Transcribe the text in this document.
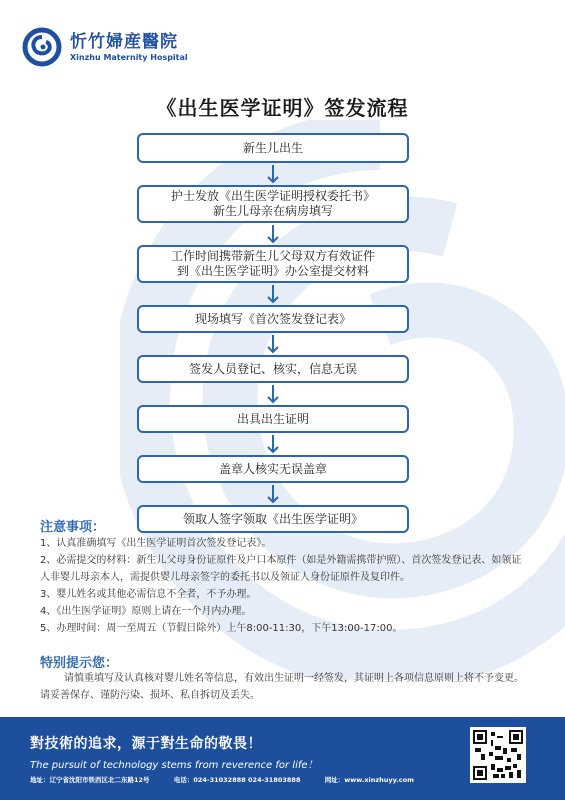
忻竹婦産醫院
Xinzhu Maternity Hospital
《出生医学证明》签发流程
新生儿出生
护士发放《出生医学证明授权委托书》
新生儿母亲在病房填写
工作时间携带新生儿父母双方有效证件
到《出生医学证明》办公室提交材料
现场填写《首次签发登记表》
签发人员登记、核实，信息无误
出具出生证明
盖章人核实无误盖章
领取人签字领取《出生医学证明》
注意事项：

1、认真准确填写《出生医学证明首次签发登记表》。

2、必需提交的材料：新生儿父母身份证原件及户口本原件（如是外籍需携带护照）、首次签发登记表、如领证人非婴儿母亲本人，需提供婴儿母亲签字的委托书以及领证人身份证原件及复印件。

3、婴儿姓名或其他必需信息不全者，不予办理。

4、《出生医学证明》原则上请在一个月内办理。

5、办理时间：周一至周五（节假日除外）上午8:00-11:30，下午13:00-17:00。

特别提示您：
请慎重填写及认真核对婴儿姓名等信息，有效出生证明一经签发，其证明上各项信息原则上将不予变更。请妥善保存、谨防污染、损坏、私自拆切及丢失。
對技術的追求，源于對生命的敬畏！
The pursuit of technology stems from reverence for life！
地址：辽宁省沈阳市铁西区北二东路12号	电话：024-31032888 024-31803888	网址：www.xinzhuyy.com
